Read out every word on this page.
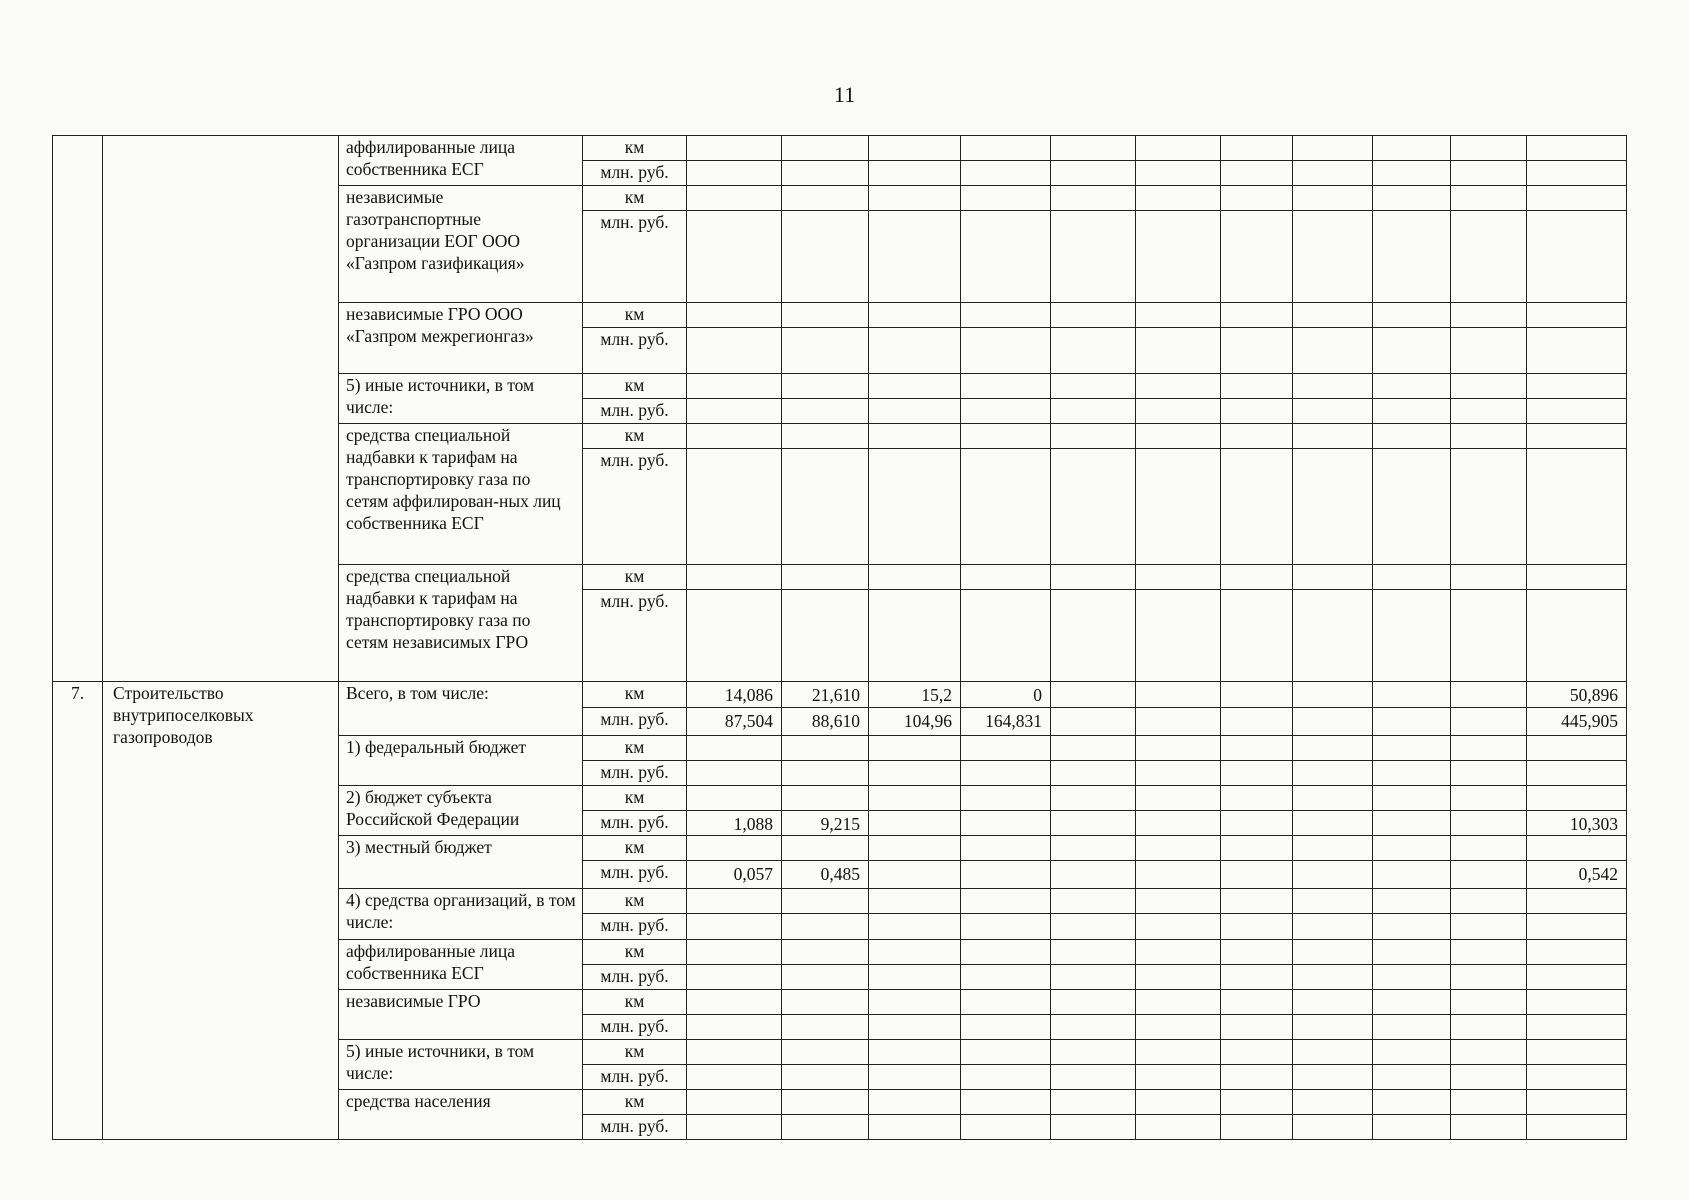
11
		аффилированные лица собственника ЕСГ	км											
			млн. руб.											
		независимые газотранспортные организации ЕОГ ООО «Газпром газификация»	км											
			млн. руб.											
		независимые ГРО ООО «Газпром межрегионгаз»	км											
			млн. руб.											
		5) иные источники, в том числе:	км											
			млн. руб.											
		средства специальной надбавки к тарифам на транспортировку газа по сетям аффилирован-ных лиц собственника ЕСГ	км											
			млн. руб.											
		средства специальной надбавки к тарифам на транспортировку газа по сетям независимых ГРО	км											
			млн. руб.											
7.	Строительство внутрипоселковых газопроводов	Всего, в том числе:	км	14,086	21,610	15,2	0							50,896
			млн. руб.	87,504	88,610	104,96	164,831							445,905
		1) федеральный бюджет	км											
			млн. руб.											
		2) бюджет субъекта Российской Федерации	км											
			млн. руб.	1,088	9,215									10,303
		3) местный бюджет	км											
			млн. руб.	0,057	0,485									0,542
		4) средства организаций, в том числе:	км											
			млн. руб.											
		аффилированные лица собственника ЕСГ	км											
			млн. руб.											
		независимые ГРО	км											
			млн. руб.											
		5) иные источники, в том числе:	км											
			млн. руб.											
		средства населения	км											
			млн. руб.											
